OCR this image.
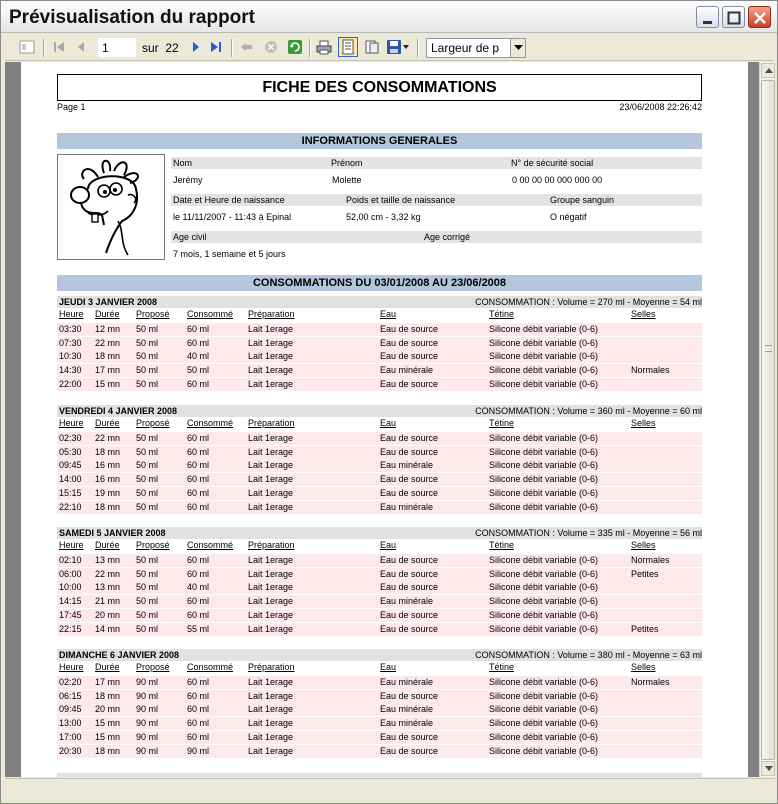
Prévisualisation du rapport
1
sur 22	Largeur de p
FICHE DES CONSOMMATIONS
Page 1	23/06/2008 22:26:42
INFORMATIONS GENERALES
Nom	Prénom	N° de sécurité social
Jerémy	Molette	0 00 00 00 000 000 00
Date et Heure de naissance	Poids et taille de naissance	Groupe sanguin
le 11/11/2007 - 11:43 à Epinal	52,00 cm - 3,32 kg	O négatif
Age civil	Age corrigé
7 mois, 1 semaine et 5 jours
CONSOMMATIONS DU 03/01/2008 AU 23/06/2008
JEUDI 3 JANVIER 2008	CONSOMMATION : Volume = 270 ml - Moyenne = 54 ml
Heure Durée Proposé Consommé Préparation	Eau	Tétine	Selles
03:30 12 mn 50 ml	60 ml	Lait 1erage	Eau de source	Silicone débit variable (0-6)
07:30 22 mn 50 ml	60 ml	Lait 1erage	Eau de source	Silicone débit variable (0-6)
10:30 18 mn 50 ml	40 ml	Lait 1erage	Eau de source	Silicone débit variable (0-6)
14:30 17 mn 50 ml	50 ml	Lait 1erage	Eau minérale	Silicone débit variable (0-6)	Normales
22:00 15 mn 50 ml	60 ml	Lait 1erage	Eau de source	Silicone débit variable (0-6)
VENDREDI 4 JANVIER 2008	CONSOMMATION : Volume = 360 ml - Moyenne = 60 ml
Heure Durée Proposé Consommé Préparation	Eau	Tétine	Selles
02:30 22 mn 50 ml	60 ml	Lait 1erage	Eau de source	Silicone débit variable (0-6)
05:30 18 mn 50 ml	60 ml	Lait 1erage	Eau de source	Silicone débit variable (0-6)
09:45 16 mn 50 ml	60 ml	Lait 1erage	Eau minérale	Silicone débit variable (0-6)
14:00 16 mn 50 ml	60 ml	Lait 1erage	Eau de source	Silicone débit variable (0-6)
15:15 19 mn 50 ml	60 ml	Lait 1erage	Eau de source	Silicone débit variable (0-6)
22:10 18 mn 50 ml	60 ml	Lait 1erage	Eau minérale	Silicone débit variable (0-6)
SAMEDI 5 JANVIER 2008	CONSOMMATION : Volume = 335 ml - Moyenne = 56 ml
Heure Durée Proposé Consommé Préparation	Eau	Tétine	Selles
02:10 13 mn 50 ml	60 ml	Lait 1erage	Eau de source	Silicone débit variable (0-6)	Normales
06:00 22 mn 50 ml	60 ml	Lait 1erage	Eau de source	Silicone débit variable (0-6)	Petites
10:00 13 mn 50 ml	40 ml	Lait 1erage	Eau de source	Silicone débit variable (0-6)
14:15 21 mn 50 ml	60 ml	Lait 1erage	Eau minérale	Silicone débit variable (0-6)
17:45 20 mn 50 ml	60 ml	Lait 1erage	Eau de source	Silicone débit variable (0-6)
22:15 14 mn 50 ml	55 ml	Lait 1erage	Eau de source	Silicone débit variable (0-6)	Petites
DIMANCHE 6 JANVIER 2008	CONSOMMATION : Volume = 380 ml - Moyenne = 63 ml
Heure Durée Proposé Consommé Préparation	Eau	Tétine	Selles
02:20 17 mn 90 ml	60 ml	Lait 1erage	Eau minérale	Silicone débit variable (0-6)	Normales
06:15 18 mn 90 ml	60 ml	Lait 1erage	Eau de source	Silicone débit variable (0-6)
09:45 20 mn 90 ml	60 ml	Lait 1erage	Eau minérale	Silicone débit variable (0-6)
13:00 15 mn 90 ml	60 ml	Lait 1erage	Eau minérale	Silicone débit variable (0-6)
17:00 15 mn 90 ml	60 ml	Lait 1erage	Eau de source	Silicone débit variable (0-6)
20:30 18 mn 90 ml	90 ml	Lait 1erage	Eau de source	Silicone débit variable (0-6)
